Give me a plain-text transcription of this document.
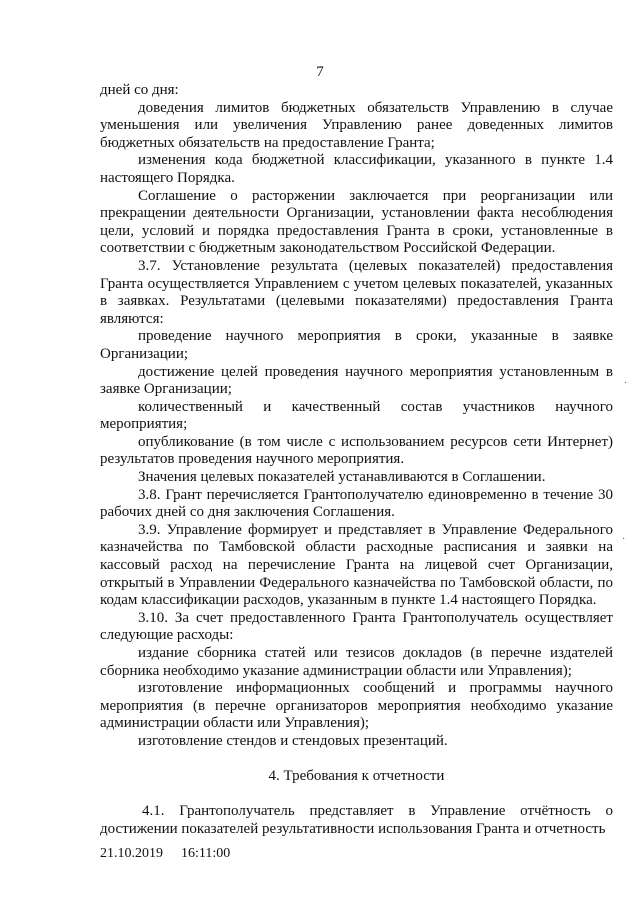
7

дней со дня:

доведения лимитов бюджетных обязательств Управлению в случае уменьшения или увеличения Управлению ранее доведенных лимитов бюджетных обязательств на предоставление Гранта;

изменения кода бюджетной классификации, указанного в пункте 1.4 настоящего Порядка.

Соглашение о расторжении заключается при реорганизации или прекращении деятельности Организации, установлении факта несоблюдения цели, условий и порядка предоставления Гранта в сроки, установленные в соответствии с бюджетным законодательством Российской Федерации.

3.7. Установление результата (целевых показателей) предоставления Гранта осуществляется Управлением с учетом целевых показателей, указанных в заявках. Результатами (целевыми показателями) предоставления Гранта являются:

проведение научного мероприятия в сроки, указанные в заявке Организации;

достижение целей проведения научного мероприятия установленным в заявке Организации;

количественный и качественный состав участников научного мероприятия;

опубликование (в том числе с использованием ресурсов сети Интернет) результатов проведения научного мероприятия.

Значения целевых показателей устанавливаются в Соглашении.

3.8. Грант перечисляется Грантополучателю единовременно в течение 30 рабочих дней со дня заключения Соглашения.

3.9. Управление формирует и представляет в Управление Федерального казначейства по Тамбовской области расходные расписания и заявки на кассовый расход на перечисление Гранта на лицевой счет Организации, открытый в Управлении Федерального казначейства по Тамбовской области, по кодам классификации расходов, указанным в пункте 1.4 настоящего Порядка.

3.10. За счет предоставленного Гранта Грантополучатель осуществляет следующие расходы:

издание сборника статей или тезисов докладов (в перечне издателей сборника необходимо указание администрации области или Управления);

изготовление информационных сообщений и программы научного мероприятия (в перечне организаторов мероприятия необходимо указание администрации области или Управления);

изготовление стендов и стендовых презентаций.

4. Требования к отчетности

4.1. Грантополучатель представляет в Управление отчётность о достижении показателей результативности использования Гранта и отчетность

21.10.2019 16:11:00
·
·
